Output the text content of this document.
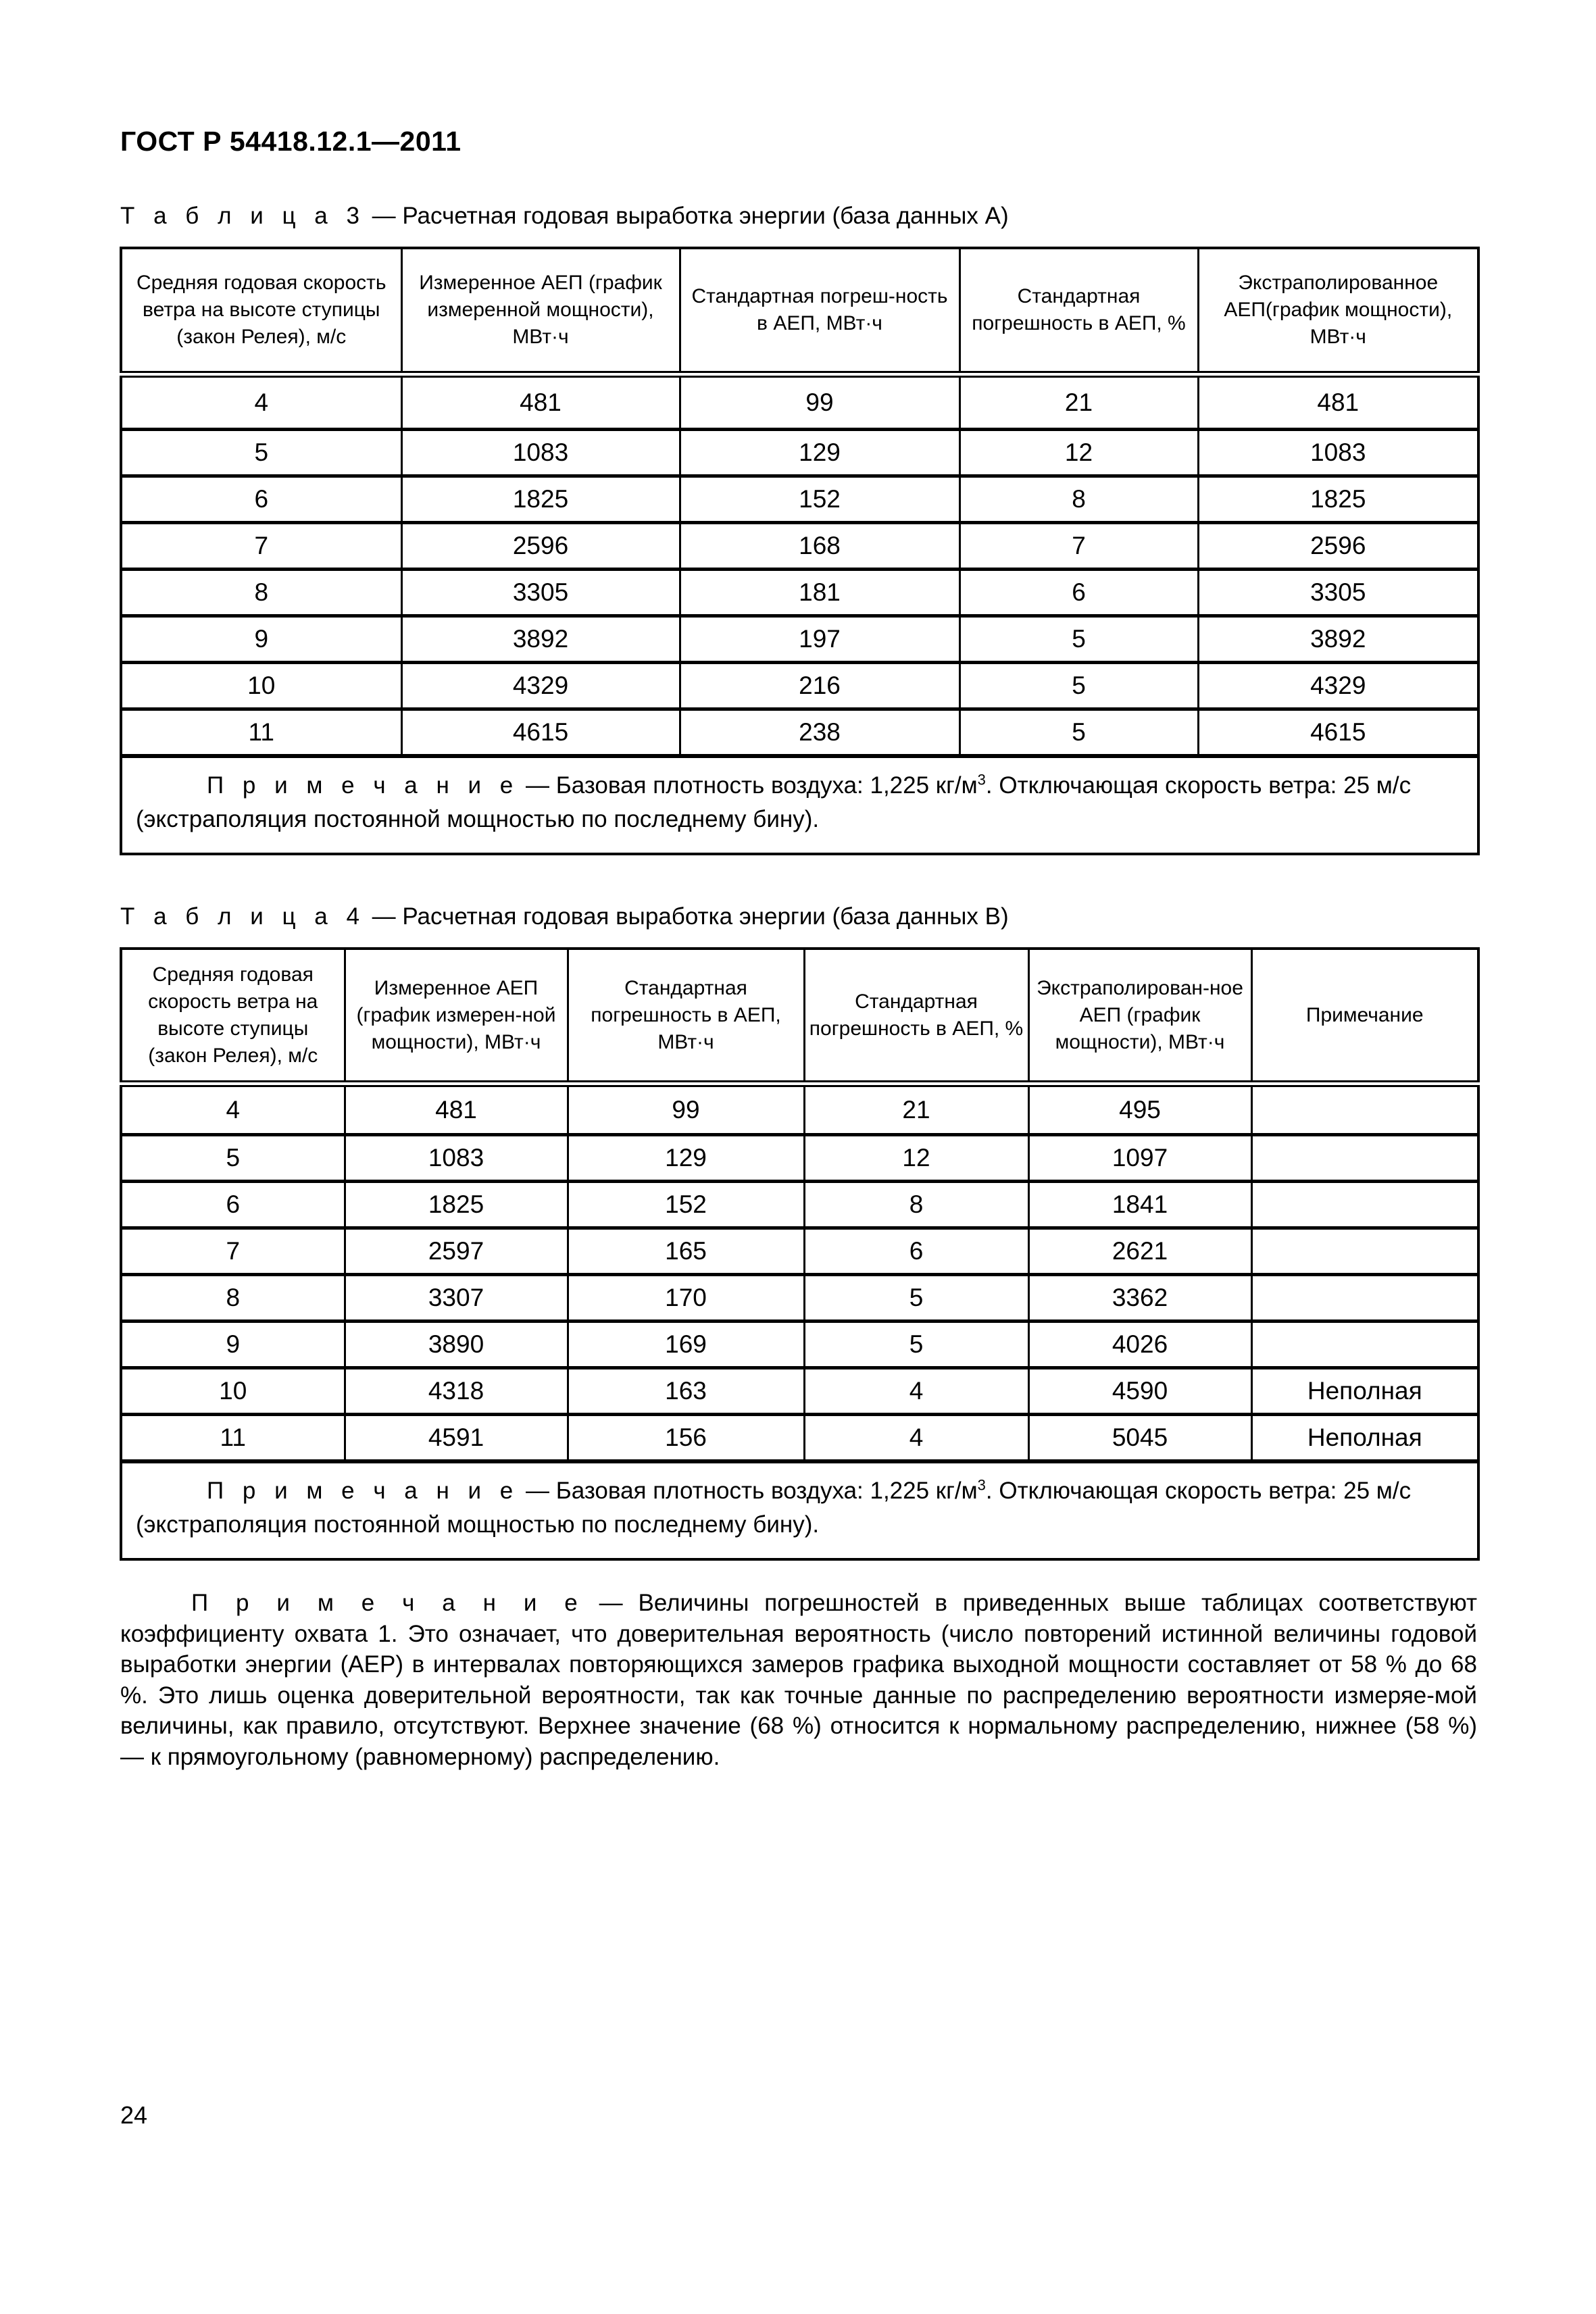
ГОСТ Р 54418.12.1—2011
Т а б л и ц а 3 — Расчетная годовая выработка энергии (база данных А)
Средняя годовая скорость ветра на высоте ступицы (закон Релея), м/с	Измеренное АЕП (график измеренной мощности), МВт·ч	Стандартная погреш-ность в АЕП, МВт·ч	Стандартная погрешность в АЕП, %	Экстраполированное АЕП(график мощности), МВт·ч
4	481	99	21	481
5	1083	129	12	1083
6	1825	152	8	1825
7	2596	168	7	2596
8	3305	181	6	3305
9	3892	197	5	3892
10	4329	216	5	4329
11	4615	238	5	4615
П р и м е ч а н и е — Базовая плотность воздуха: 1,225 $кг/м^3$. Отключающая скорость ветра: 25 м/с (экстраполяция постоянной мощностью по последнему бину).				
Т а б л и ц а 4 — Расчетная годовая выработка энергии (база данных В)
Средняя годовая скорость ветра на высоте ступицы (закон Релея), м/с	Измеренное АЕП (график измерен-ной мощности), МВт·ч	Стандартная погрешность в АЕП, МВт·ч	Стандартная погрешность в АЕП, %	Экстраполирован-ное АЕП (график мощности), МВт·ч	Примечание
4	481	99	21	495	
5	1083	129	12	1097	
6	1825	152	8	1841	
7	2597	165	6	2621	
8	3307	170	5	3362	
9	3890	169	5	4026	
10	4318	163	4	4590	Неполная
11	4591	156	4	5045	Неполная
П р и м е ч а н и е — Базовая плотность воздуха: 1,225 $кг/м^3$. Отключающая скорость ветра: 25 м/с (экстраполяция постоянной мощностью по последнему бину).					
П р и м е ч а н и е — Величины погрешностей в приведенных выше таблицах соответствуют коэффициенту охвата 1. Это означает, что доверительная вероятность (число повторений истинной величины годовой выработки энергии (AEP) в интервалах повторяющихся замеров графика выходной мощности составляет от 58 % до 68 %. Это лишь оценка доверительной вероятности, так как точные данные по распределению вероятности измеряе-мой величины, как правило, отсутствуют. Верхнее значение (68 %) относится к нормальному распределению, нижнее (58 %) — к прямоугольному (равномерному) распределению.
24
